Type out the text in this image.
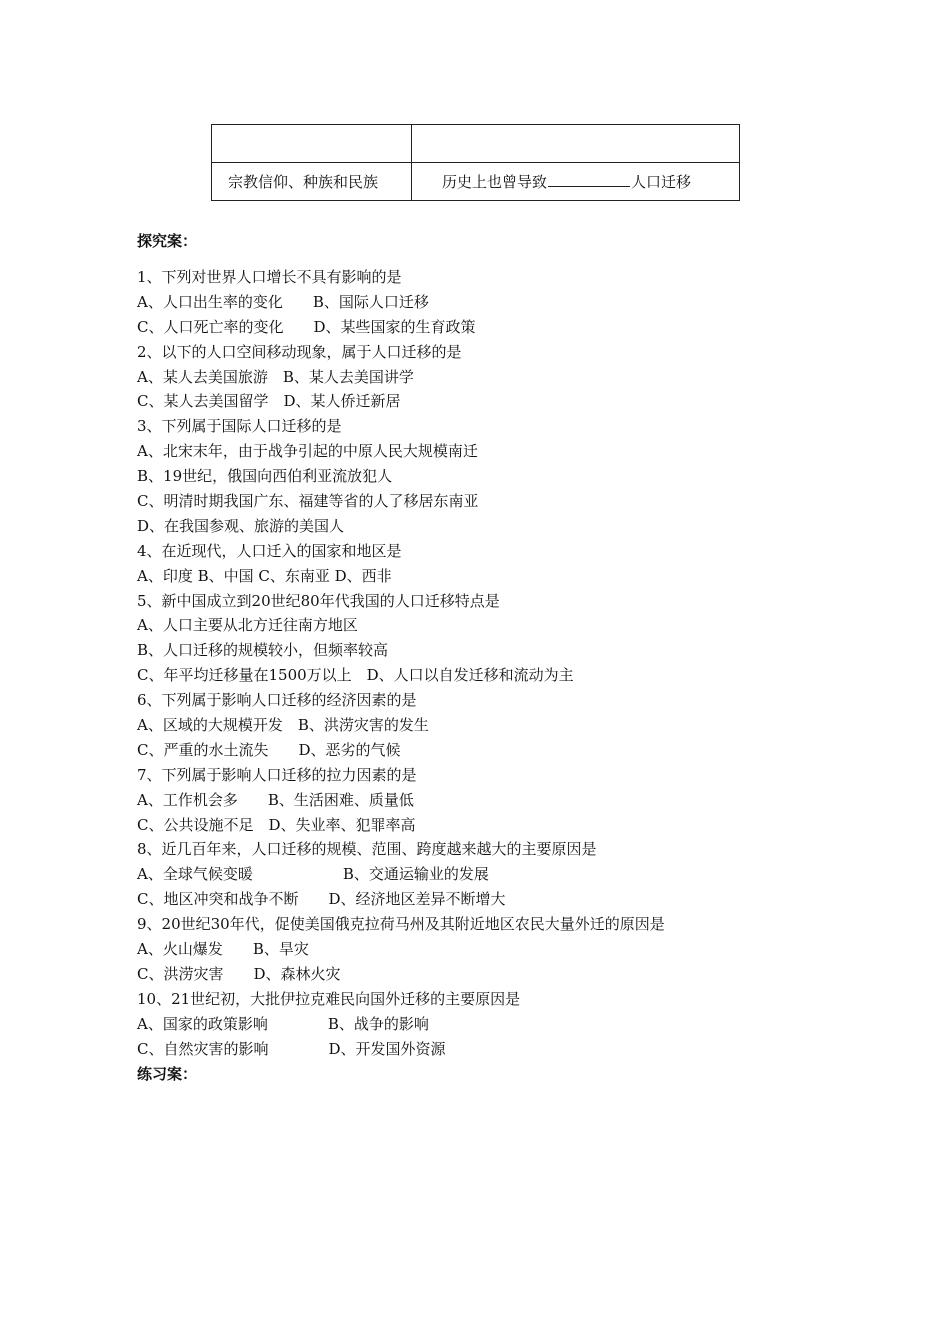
宗教信仰、种族和民族	历史上也曾导致 人口迁移
探究案：
1、下列对世界人口增长不具有影响的是
A、人口出生率的变化　　B、国际人口迁移
C、人口死亡率的变化　　D、某些国家的生育政策
2、以下的人口空间移动现象，属于人口迁移的是
A、某人去美国旅游　B、某人去美国讲学
C、某人去美国留学　D、某人侨迁新居
3、下列属于国际人口迁移的是
A、北宋末年，由于战争引起的中原人民大规模南迁
B、19世纪，俄国向西伯利亚流放犯人
C、明清时期我国广东、福建等省的人了移居东南亚
D、在我国参观、旅游的美国人
4、在近现代，人口迁入的国家和地区是
A、印度 B、中国 C、东南亚 D、西非
5、新中国成立到20世纪80年代我国的人口迁移特点是
A、人口主要从北方迁往南方地区
B、人口迁移的规模较小，但频率较高
C、年平均迁移量在1500万以上　D、人口以自发迁移和流动为主
6、下列属于影响人口迁移的经济因素的是
A、区域的大规模开发　B、洪涝灾害的发生
C、严重的水土流失　　D、恶劣的气候
7、下列属于影响人口迁移的拉力因素的是
A、工作机会多　　B、生活困难、质量低
C、公共设施不足　D、失业率、犯罪率高
8、近几百年来，人口迁移的规模、范围、跨度越来越大的主要原因是
A、全球气候变暖　　　　　　B、交通运输业的发展
C、地区冲突和战争不断　　D、经济地区差异不断增大
9、20世纪30年代，促使美国俄克拉荷马州及其附近地区农民大量外迁的原因是
A、火山爆发　　B、旱灾
C、洪涝灾害　　D、森林火灾
10、21世纪初，大批伊拉克难民向国外迁移的主要原因是
A、国家的政策影响　　　　B、战争的影响
C、自然灾害的影响　　　　D、开发国外资源
练习案：
